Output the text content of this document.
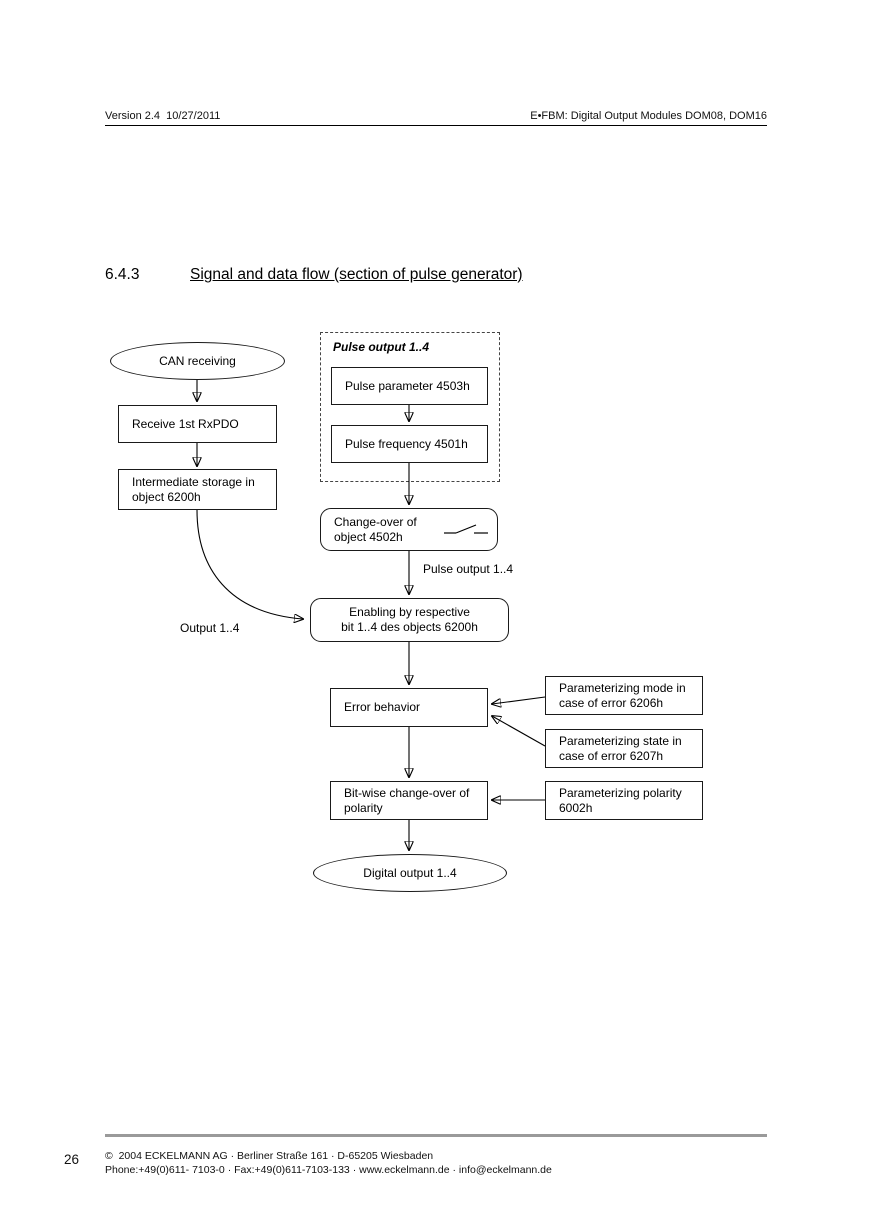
Version 2.4  10/27/2011	E•FBM: Digital Output Modules DOM08, DOM16
6.4.3	Signal and data flow (section of pulse generator)
CAN receiving
Receive 1st RxPDO
Intermediate storage in
object 6200h
Pulse output 1..4
Pulse parameter 4503h
Pulse frequency 4501h
Change-over of
object 4502h
Pulse output 1..4
Enabling by respective
bit 1..4 des objects 6200h
Output 1..4
Error behavior
Parameterizing mode in
case of error 6206h
Parameterizing state in
case of error 6207h
Bit-wise change-over of
polarity
Parameterizing polarity
6002h
Digital output 1..4
26 ©  2004 ECKELMANN AG · Berliner Straße 161 · D-65205 Wiesbaden
Phone:+49(0)611- 7103-0 · Fax:+49(0)611-7103-133 · www.eckelmann.de · info@eckelmann.de
